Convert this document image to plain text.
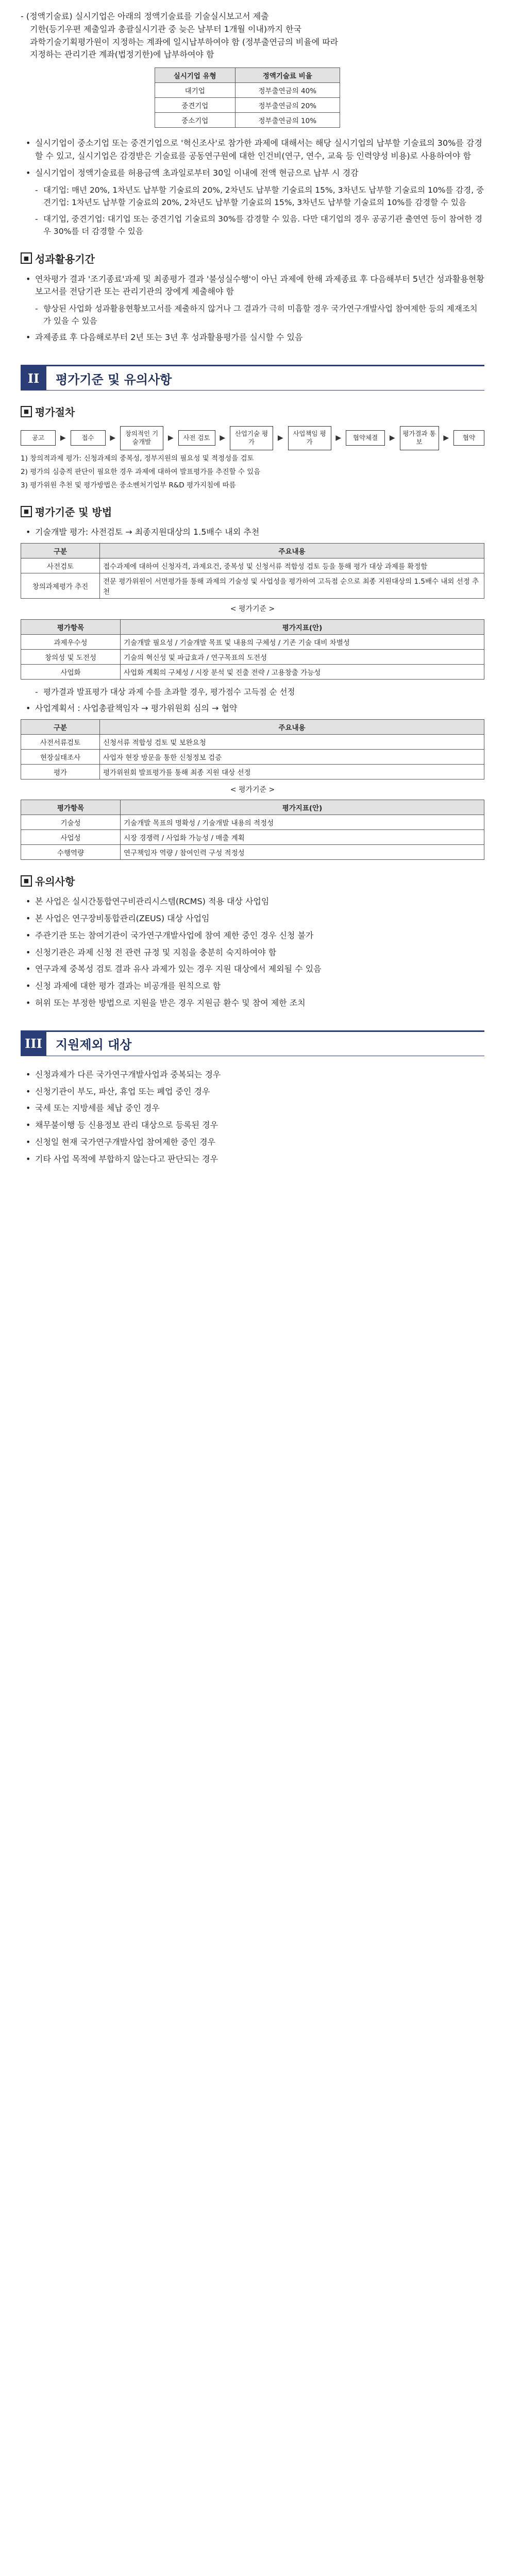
- (정액기술료) 실시기업은 아래의 정액기술료를 기술실시보고서 제출

기한(등기우편 제출일과 총괄실시기관 중 늦은 날부터 1개월 이내)까지 한국

과학기술기획평가원이 지정하는 계좌에 일시납부하여야 함 (정부출연금의 비율에 따라

지정하는 관리기관 계좌(법정기한)에 납부하여야 함

실시기업 유형	정액기술료 비율
대기업	정부출연금의 40%
중견기업	정부출연금의 20%
중소기업	정부출연금의 10%

• 실시기업이 중소기업 또는 중견기업으로 '혁신조사'로 참가한 과제에 대해서는 해당 실시기업의 납부할 기술료의 30%를 감경할 수 있고, 실시기업은 감경받은 기술료를 공동연구원에 대한 인건비(연구, 연수, 교육 등 인력양성 비용)로 사용하여야 함

• 실시기업이 정액기술료를 허용금액 초과일로부터 30일 이내에 전액 현금으로 납부 시 경감

- 대기업: 매년 20%, 1차년도 납부할 기술료의 20%, 2차년도 납부할 기술료의 15%, 3차년도 납부할 기술료의 10%를 감경, 중견기업: 1차년도 납부할 기술료의 20%, 2차년도 납부할 기술료의 15%, 3차년도 납부할 기술료의 10%를 감경할 수 있음

- 대기업, 중견기업: 대기업 또는 중견기업 기술료의 30%를 감경할 수 있음. 다만 대기업의 경우 공공기관 출연연 등이 참여한 경우 30%를 더 감경할 수 있음

■ 성과활용기간

• 연차평가 결과 '조기종료'과제 및 최종평가 결과 '불성실수행'이 아닌 과제에 한해 과제종료 후 다음해부터 5년간 성과활용현황보고서를 전담기관 또는 관리기관의 장에게 제출해야 함

- 향상된 사업화 성과활용현황보고서를 제출하지 않거나 그 결과가 극히 미흡할 경우 국가연구개발사업 참여제한 등의 제재조치가 있을 수 있음

• 과제종료 후 다음해로부터 2년 또는 3년 후 성과활용평가를 실시할 수 있음

II	평가기준 및 유의사항
■ 평가절차
공고	▶	접수	▶
창의적인 기술개발	▶	사전 검토	▶
산업기술 평가	▶
사업책임 평가	▶	협약체결	▶
평가결과 통보	▶	협약

1) 창의적과제 평가: 신청과제의 중복성, 정부지원의 필요성 및 적정성을 검토

2) 평가의 심층적 판단이 필요한 경우 과제에 대하여 발표평가를 추진할 수 있음

3) 평가위원 추천 및 평가방법은 중소벤처기업부 R&D 평가지침에 따름

■ 평가기준 및 방법

• 기술개발 평가: 사전검토 → 최종지원대상의 1.5배수 내외 추천

구분	주요내용
사전검토	접수과제에 대하여 신청자격, 과제요건, 중복성 및 신청서류 적합성 검토 등을 통해 평가 대상 과제를 확정함
창의과제평가 추진	전문 평가위원이 서면평가를 통해 과제의 기술성 및 사업성을 평가하여 고득점 순으로 최종 지원대상의 1.5배수 내외 선정 추천

< 평가기준 >

평가항목	평가지표(안)
과제우수성	기술개발 필요성 / 기술개발 목표 및 내용의 구체성 / 기존 기술 대비 차별성
창의성 및 도전성	기술의 혁신성 및 파급효과 / 연구목표의 도전성
사업화	사업화 계획의 구체성 / 시장 분석 및 진출 전략 / 고용창출 가능성

- 평가결과 발표평가 대상 과제 수를 초과할 경우, 평가점수 고득점 순 선정

• 사업계획서 : 사업총괄책임자 → 평가위원회 심의 → 협약

구분	주요내용
사전서류검토	신청서류 적합성 검토 및 보완요청
현장실태조사	사업자 현장 방문을 통한 신청정보 검증
평가	평가위원회 발표평가를 통해 최종 지원 대상 선정

< 평가기준 >

평가항목	평가지표(안)
기술성	기술개발 목표의 명확성 / 기술개발 내용의 적정성
사업성	시장 경쟁력 / 사업화 가능성 / 매출 계획
수행역량	연구책임자 역량 / 참여인력 구성 적정성
■ 유의사항

• 본 사업은 실시간통합연구비관리시스템(RCMS) 적용 대상 사업임

• 본 사업은 연구장비통합관리(ZEUS) 대상 사업임

• 주관기관 또는 참여기관이 국가연구개발사업에 참여 제한 중인 경우 신청 불가

• 신청기관은 과제 신청 전 관련 규정 및 지침을 충분히 숙지하여야 함

• 연구과제 중복성 검토 결과 유사 과제가 있는 경우 지원 대상에서 제외될 수 있음

• 신청 과제에 대한 평가 결과는 비공개를 원칙으로 함

• 허위 또는 부정한 방법으로 지원을 받은 경우 지원금 환수 및 참여 제한 조치

III	지원제외 대상

• 신청과제가 다른 국가연구개발사업과 중복되는 경우

• 신청기관이 부도, 파산, 휴업 또는 폐업 중인 경우

• 국세 또는 지방세를 체납 중인 경우

• 채무불이행 등 신용정보 관리 대상으로 등록된 경우

• 신청일 현재 국가연구개발사업 참여제한 중인 경우

• 기타 사업 목적에 부합하지 않는다고 판단되는 경우
